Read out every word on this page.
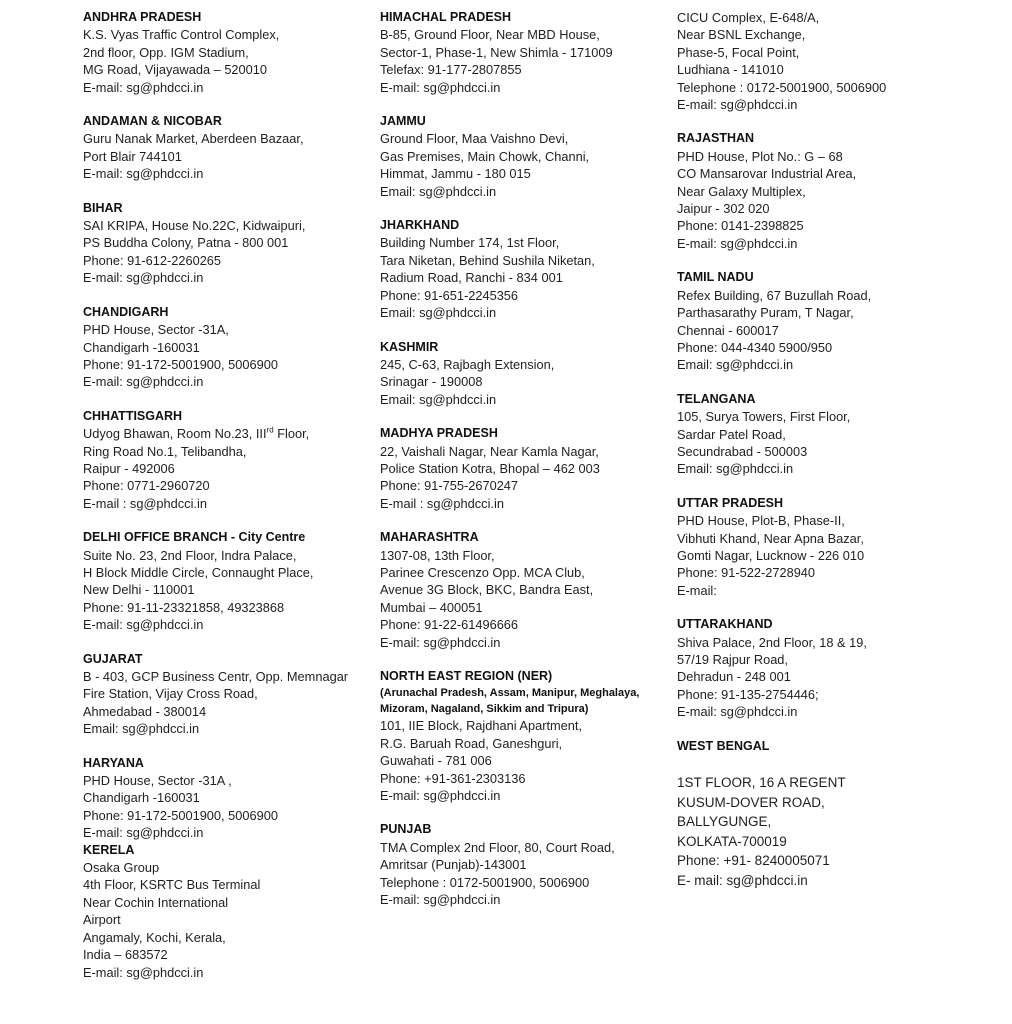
ANDHRA PRADESH
K.S. Vyas Traffic Control Complex,
2nd floor, Opp. IGM Stadium,
MG Road, Vijayawada – 520010
E-mail: sg@phdcci.in
ANDAMAN & NICOBAR
Guru Nanak Market, Aberdeen Bazaar,
Port Blair 744101
E-mail: sg@phdcci.in
BIHAR
SAI KRIPA, House No.22C, Kidwaipuri,
PS Buddha Colony, Patna - 800 001
Phone: 91-612-2260265
E-mail: sg@phdcci.in
CHANDIGARH
PHD House, Sector -31A,
Chandigarh -160031
Phone: 91-172-5001900, 5006900
E-mail: sg@phdcci.in
CHHATTISGARH
Udyog Bhawan, Room No.23, IIIrd Floor,
Ring Road No.1, Telibandha,
Raipur - 492006
Phone: 0771-2960720
E-mail : sg@phdcci.in
DELHI OFFICE BRANCH - City Centre
Suite No. 23, 2nd Floor, Indra Palace,
H Block Middle Circle, Connaught Place,
New Delhi - 110001
Phone: 91-11-23321858, 49323868
E-mail: sg@phdcci.in
GUJARAT
B - 403, GCP Business Centr, Opp. Memnagar
Fire Station, Vijay Cross Road,
Ahmedabad - 380014
Email: sg@phdcci.in
HARYANA
PHD House, Sector -31A ,
Chandigarh -160031
Phone: 91-172-5001900, 5006900
E-mail: sg@phdcci.in
KERELA
Osaka Group
4th Floor, KSRTC Bus Terminal
Near Cochin International
Airport
Angamaly, Kochi, Kerala,
India – 683572
E-mail: sg@phdcci.in
HIMACHAL PRADESH
B-85, Ground Floor, Near MBD House,
Sector-1, Phase-1, New Shimla - 171009
Telefax: 91-177-2807855
E-mail: sg@phdcci.in
JAMMU
Ground Floor, Maa Vaishno Devi,
Gas Premises, Main Chowk, Channi,
Himmat, Jammu - 180 015
Email: sg@phdcci.in
JHARKHAND
Building Number 174, 1st Floor,
Tara Niketan, Behind Sushila Niketan,
Radium Road, Ranchi - 834 001
Phone: 91-651-2245356
Email: sg@phdcci.in
KASHMIR
245, C-63, Rajbagh Extension,
Srinagar - 190008
Email: sg@phdcci.in
MADHYA PRADESH
22, Vaishali Nagar, Near Kamla Nagar,
Police Station Kotra, Bhopal – 462 003
Phone: 91-755-2670247
E-mail : sg@phdcci.in
MAHARASHTRA
1307-08, 13th Floor,
Parinee Crescenzo Opp. MCA Club,
Avenue 3G Block, BKC, Bandra East,
Mumbai – 400051
Phone: 91-22-61496666
E-mail: sg@phdcci.in
NORTH EAST REGION (NER)
(Arunachal Pradesh, Assam, Manipur, Meghalaya,
Mizoram, Nagaland, Sikkim and Tripura)
101, IIE Block, Rajdhani Apartment,
R.G. Baruah Road, Ganeshguri,
Guwahati - 781 006
Phone: +91-361-2303136
E-mail: sg@phdcci.in
PUNJAB
TMA Complex 2nd Floor, 80, Court Road,
Amritsar (Punjab)-143001
Telephone : 0172-5001900, 5006900
E-mail: sg@phdcci.in
CICU Complex, E-648/A,
Near BSNL Exchange,
Phase-5, Focal Point,
Ludhiana - 141010
Telephone : 0172-5001900, 5006900
E-mail: sg@phdcci.in
RAJASTHAN
PHD House, Plot No.: G – 68
CO Mansarovar Industrial Area,
Near Galaxy Multiplex,
Jaipur - 302 020
Phone: 0141-2398825
E-mail: sg@phdcci.in
TAMIL NADU
Refex Building, 67 Buzullah Road,
Parthasarathy Puram, T Nagar,
Chennai - 600017
Phone: 044-4340 5900/950
Email: sg@phdcci.in
TELANGANA
105, Surya Towers, First Floor,
Sardar Patel Road,
Secundrabad - 500003
Email: sg@phdcci.in
UTTAR PRADESH
PHD House, Plot-B, Phase-II,
Vibhuti Khand, Near Apna Bazar,
Gomti Nagar, Lucknow - 226 010
Phone: 91-522-2728940
E-mail:
UTTARAKHAND
Shiva Palace, 2nd Floor, 18 & 19,
57/19 Rajpur Road,
Dehradun - 248 001
Phone: 91-135-2754446;
E-mail: sg@phdcci.in
WEST BENGAL
1ST FLOOR, 16 A REGENT
KUSUM-DOVER ROAD,
BALLYGUNGE,
KOLKATA-700019
Phone: +91- 8240005071
E- mail: sg@phdcci.in
